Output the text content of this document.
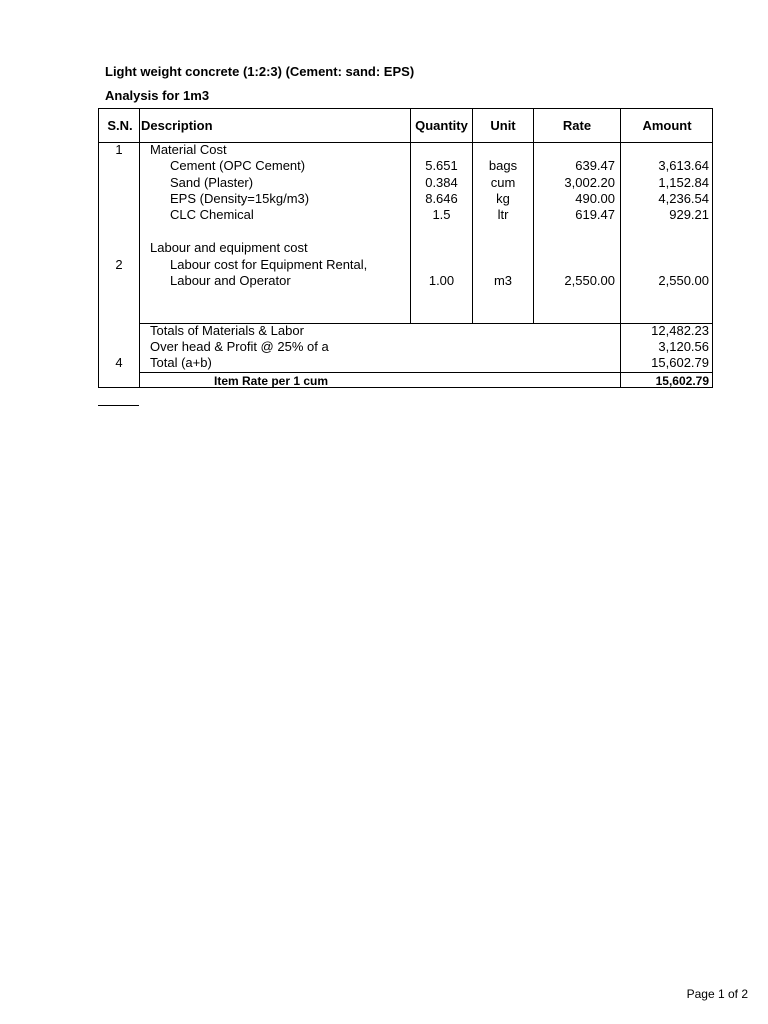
Light weight concrete (1:2:3) (Cement: sand: EPS)
Analysis for 1m3
S.N. Description	Quantity	Unit	Rate	Amount
1	Material Cost
Cement (OPC Cement)	5.651	bags	639.47	3,613.64
Sand (Plaster)	0.384	cum	3,002.20	1,152.84
EPS (Density=15kg/m3)	8.646	kg	490.00	4,236.54
CLC Chemical	1.5	ltr	619.47	929.21
Labour and equipment cost
2	Labour cost for Equipment Rental,
Labour and Operator	1.00	m3	2,550.00	2,550.00
Totals of Materials & Labor	12,482.23
Over head & Profit @ 25% of a	3,120.56
4	Total (a+b)	15,602.79
Item Rate per 1 cum	15,602.79
Page 1 of 2
